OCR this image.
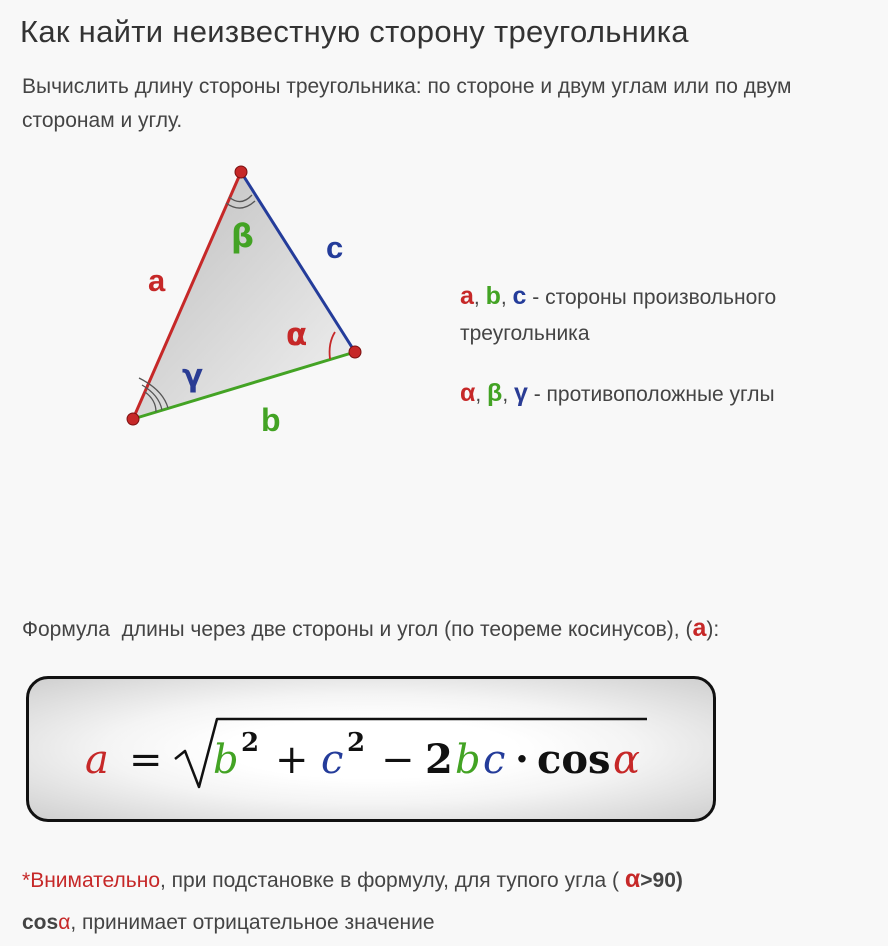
Как найти неизвестную сторону треугольника
Вычислить длину стороны треугольника: по стороне и двум углам или по двум сторонам и углу.
a
b
c
β
α
γ
a, b, c - стороны произвольного треугольника
α, β, γ - противоположные углы
Формула  длины через две стороны и угол (по теореме косинусов), (a):
a = b 2 + c 2 − 2 b c · cos α
*Внимательно, при подстановке в формулу, для тупого угла ( α>90)
cosα, принимает отрицательное значение
